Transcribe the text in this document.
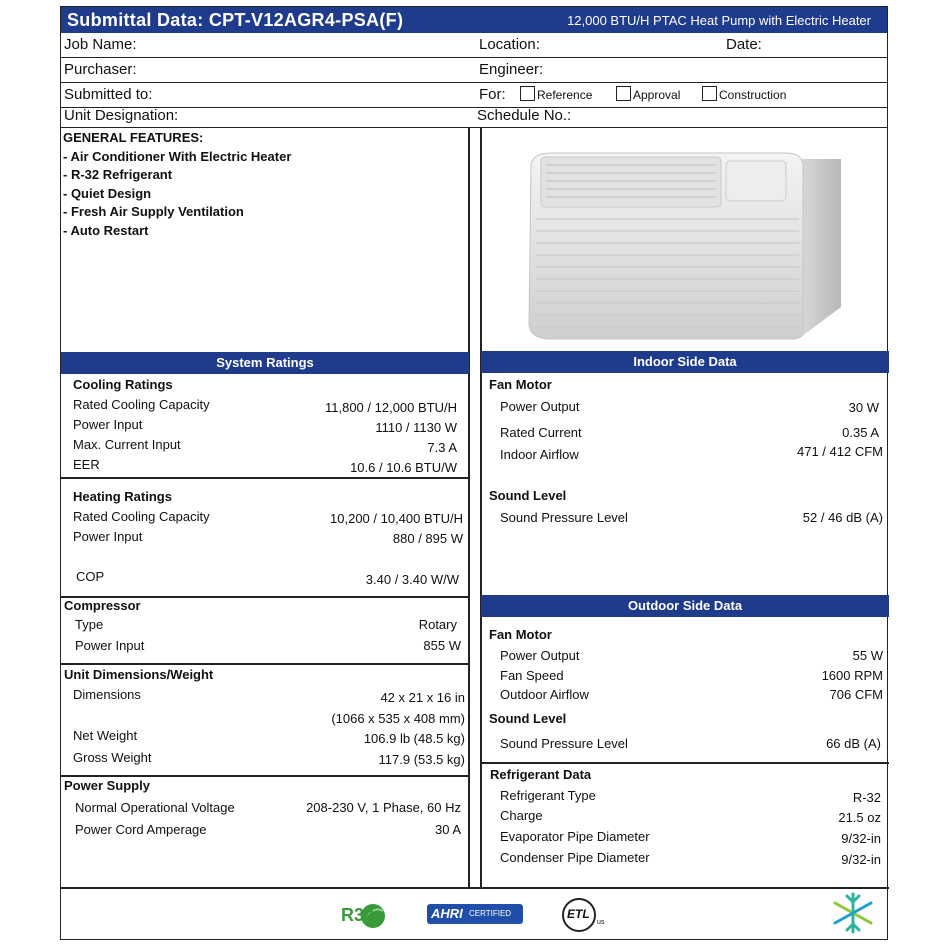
Submittal Data: CPT-V12AGR4-PSA(F)	12,000 BTU/H PTAC Heat Pump with Electric Heater
Job Name:	Location:	Date:
Purchaser:	Engineer:
Submitted to:	For:	Reference	Approval	Construction
Unit Designation:	Schedule No.:
GENERAL FEATURES:
- Air Conditioner With Electric Heater
- R-32 Refrigerant
- Quiet Design
- Fresh Air Supply Ventilation
- Auto Restart
System Ratings
Cooling Ratings
Rated Cooling Capacity	11,800 / 12,000 BTU/H
Power Input	1110 / 1130 W
Max. Current Input	7.3 A
EER	10.6 / 10.6 BTU/W
Heating Ratings
Rated Cooling Capacity	10,200 / 10,400 BTU/H
Power Input	880 / 895 W
COP	3.40 / 3.40 W/W
Compressor
Type	Rotary
Power Input	855 W
Unit Dimensions/Weight
Dimensions	42 x 21 x 16 in
(1066 x 535 x 408 mm)
Net Weight	106.9 lb (48.5 kg)
Gross Weight	117.9 (53.5 kg)
Power Supply
Normal Operational Voltage	208-230 V, 1 Phase, 60 Hz
Power Cord Amperage	30 A
Indoor Side Data
Fan Motor
Power Output	30 W
Rated Current	0.35 A
Indoor Airflow	471 / 412 CFM
Sound Level
Sound Pressure Level	52 / 46 dB (A)
Outdoor Side Data
Fan Motor
Power Output	55 W
Fan Speed	1600 RPM
Outdoor Airflow	706 CFM
Sound Level
Sound Pressure Level	66 dB (A)
Refrigerant Data
Refrigerant Type	R-32
Charge	21.5 oz
Evaporator Pipe Diameter	9/32-in
Condenser Pipe Diameter	9/32-in
R32	AHRI CERTIFIED	ETL
us
